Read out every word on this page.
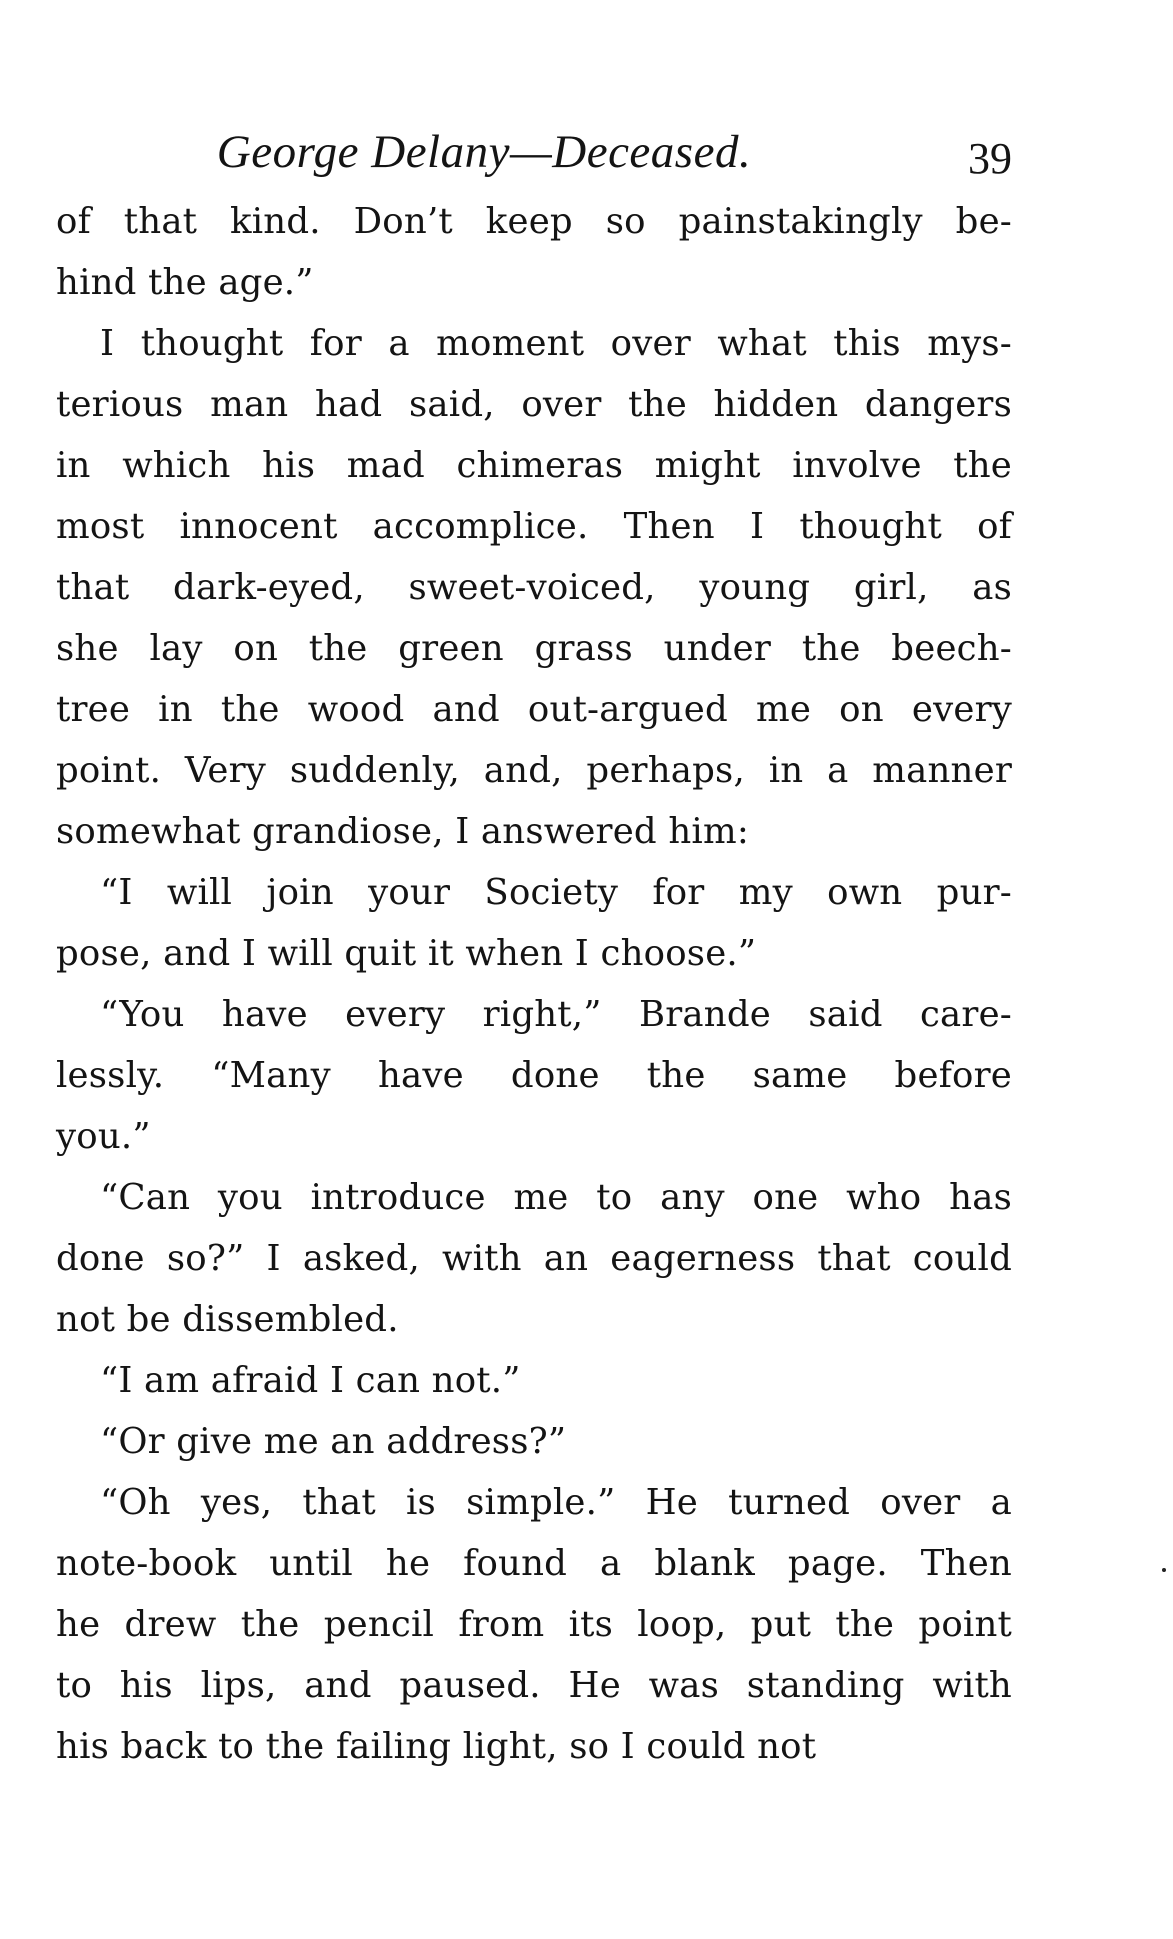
George Delany—Deceased.	39
of that kind. Don’t keep so painstakingly be-
hind the age.”
I thought for a moment over what this mys-
terious man had said, over the hidden dangers
in which his mad chimeras might involve the
most innocent accomplice. Then I thought of
that dark-eyed, sweet-voiced, young girl, as
she lay on the green grass under the beech-
tree in the wood and out-argued me on every
point. Very suddenly, and, perhaps, in a manner
somewhat grandiose, I answered him:
“I will join your Society for my own pur-
pose, and I will quit it when I choose.”
“You have every right,” Brande said care-
lessly. “Many have done the same before
you.”
“Can you introduce me to any one who has
done so?” I asked, with an eagerness that could
not be dissembled.
“I am afraid I can not.”
“Or give me an address?”
“Oh yes, that is simple.” He turned over a
note-book until he found a blank page. Then
he drew the pencil from its loop, put the point
to his lips, and paused. He was standing with
his back to the failing light, so I could not
